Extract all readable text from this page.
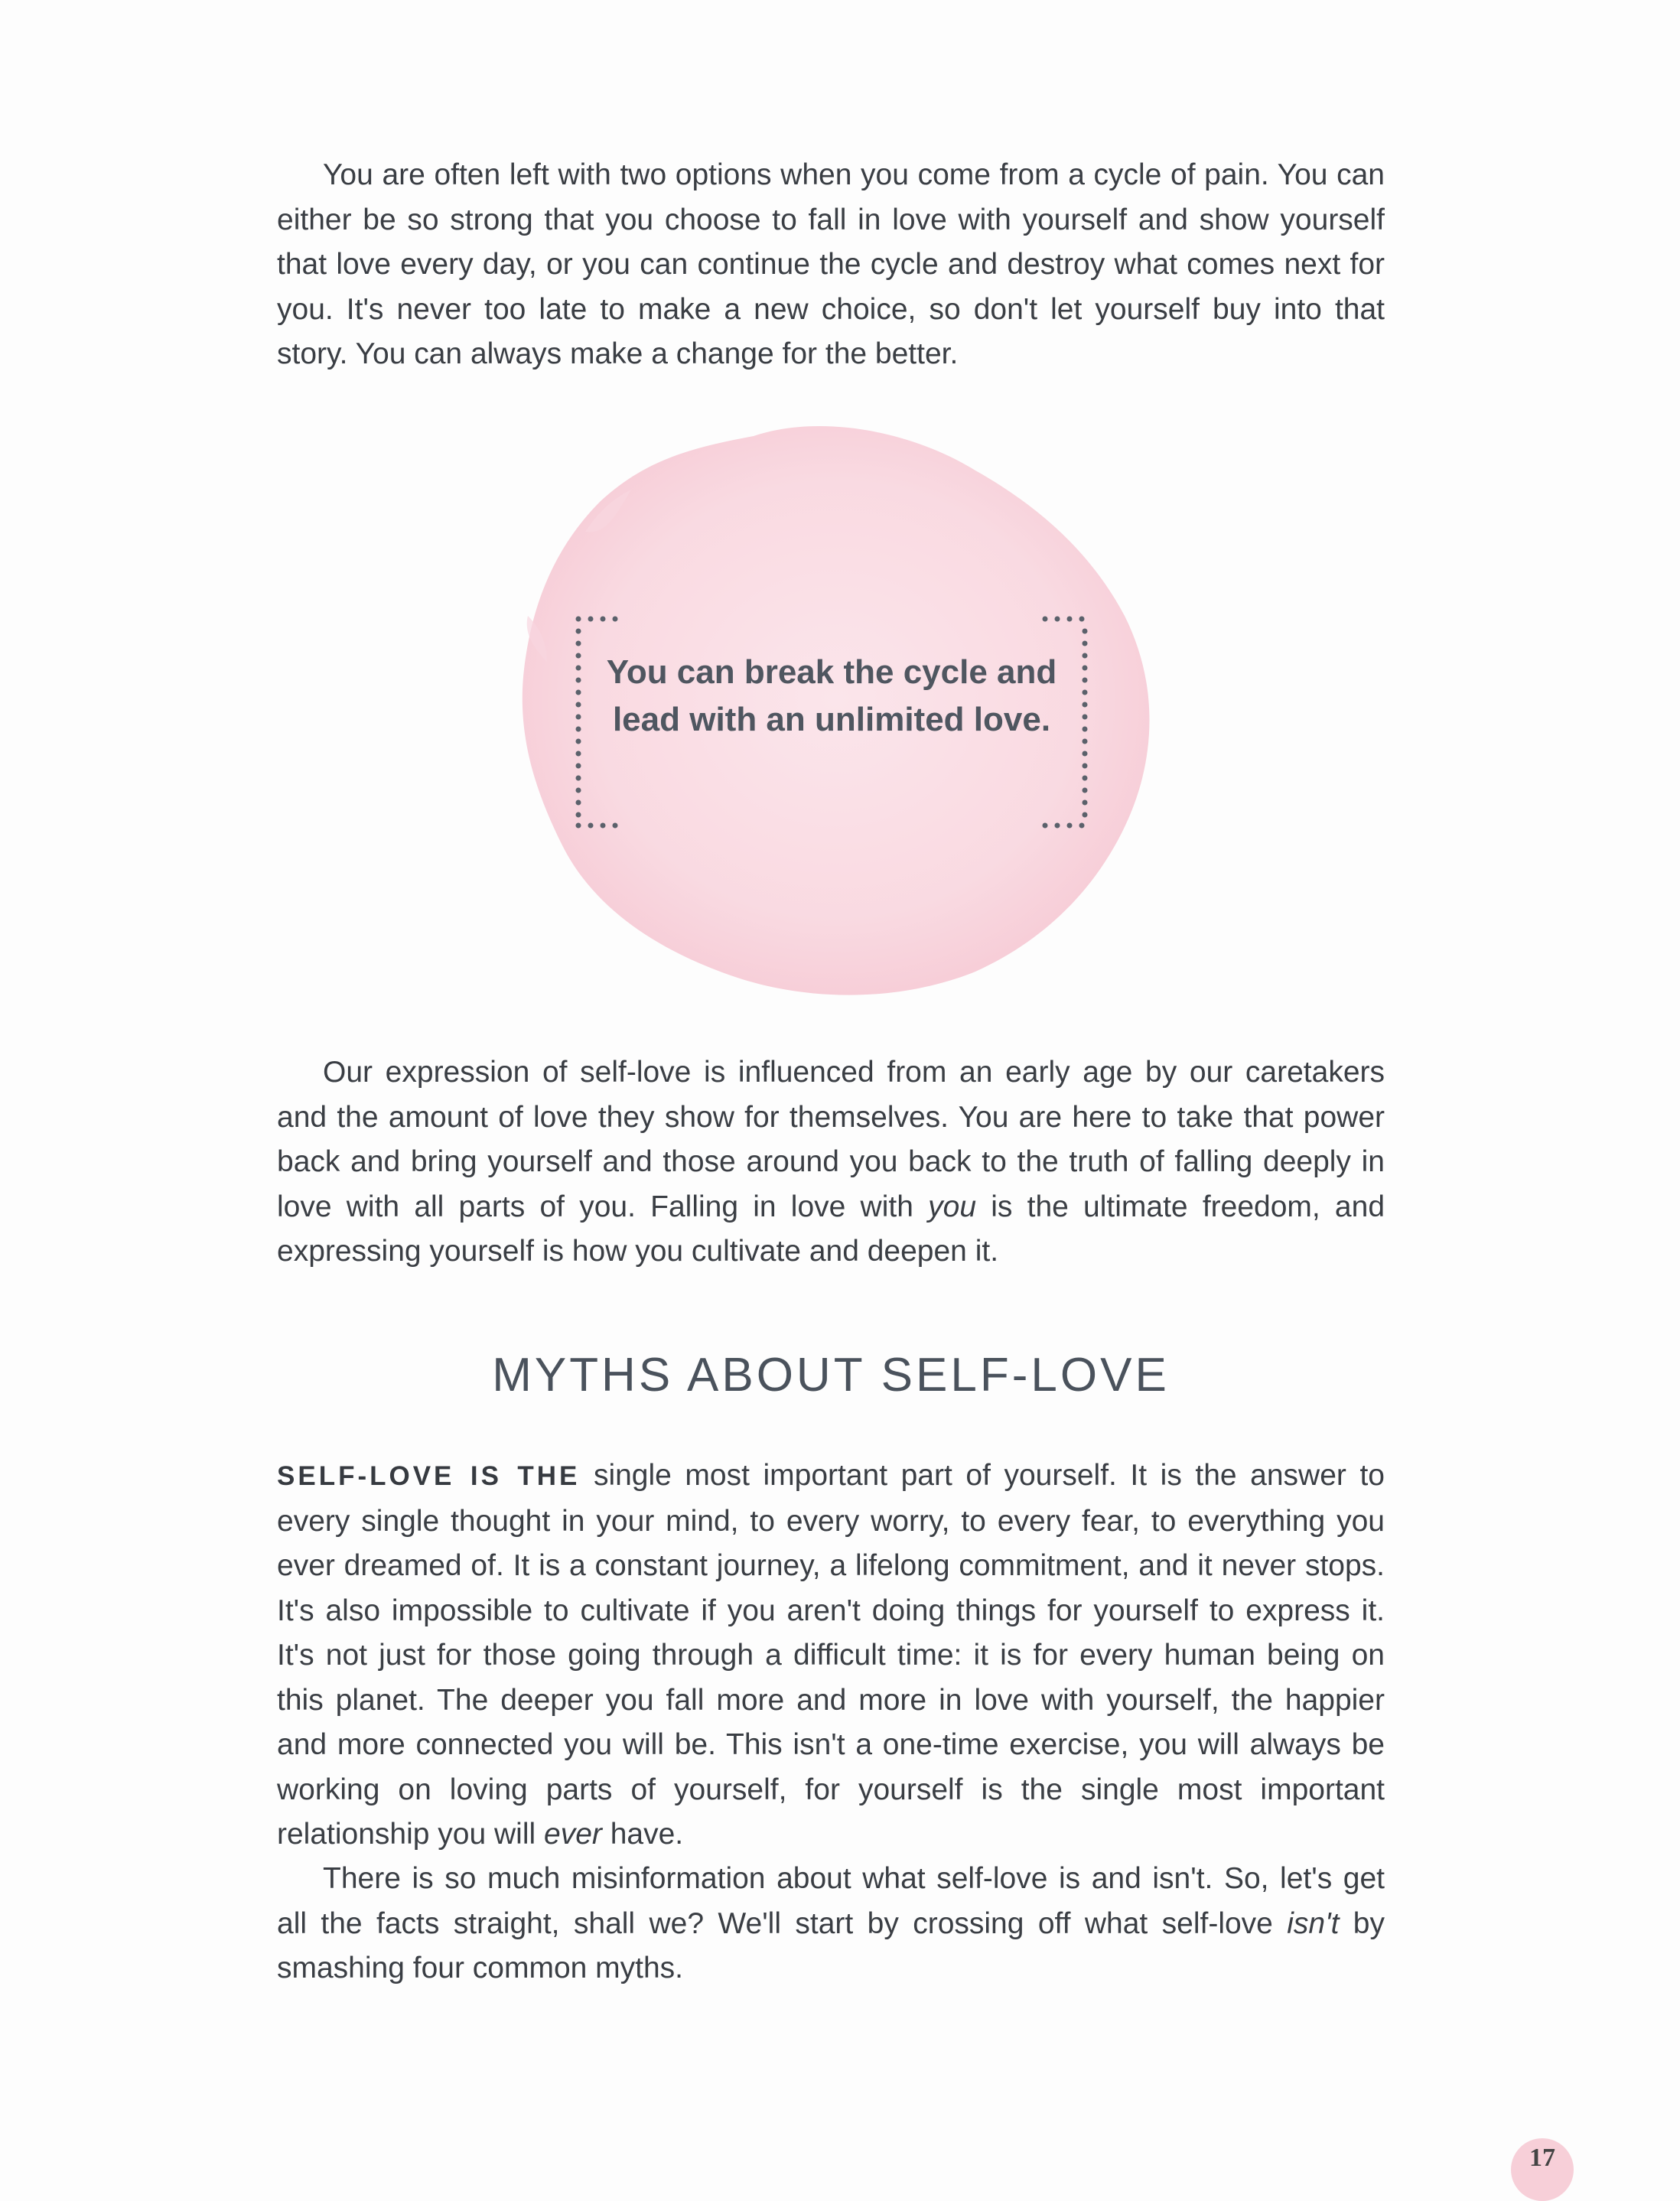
You are often left with two options when you come from a cycle of pain. You can either be so strong that you choose to fall in love with yourself and show yourself that love every day, or you can continue the cycle and destroy what comes next for you. It's never too late to make a new choice, so don't let yourself buy into that story. You can always make a change for the better.

You can break the cycle and lead with an unlimited love.

Our expression of self-love is influenced from an early age by our caretakers and the amount of love they show for themselves. You are here to take that power back and bring yourself and those around you back to the truth of falling deeply in love with all parts of you. Falling in love with you is the ultimate freedom, and expressing yourself is how you cultivate and deepen it.

MYTHS ABOUT SELF-LOVE

SELF-LOVE IS THE single most important part of yourself. It is the answer to every single thought in your mind, to every worry, to every fear, to everything you ever dreamed of. It is a constant journey, a lifelong commitment, and it never stops. It's also impossible to cultivate if you aren't doing things for yourself to express it. It's not just for those going through a difficult time: it is for every human being on this planet. The deeper you fall more and more in love with yourself, the happier and more connected you will be. This isn't a one-time exercise, you will always be working on loving parts of yourself, for yourself is the single most important relationship you will ever have.

There is so much misinformation about what self-love is and isn't. So, let's get all the facts straight, shall we? We'll start by crossing off what self-love isn't by smashing four common myths.

17
